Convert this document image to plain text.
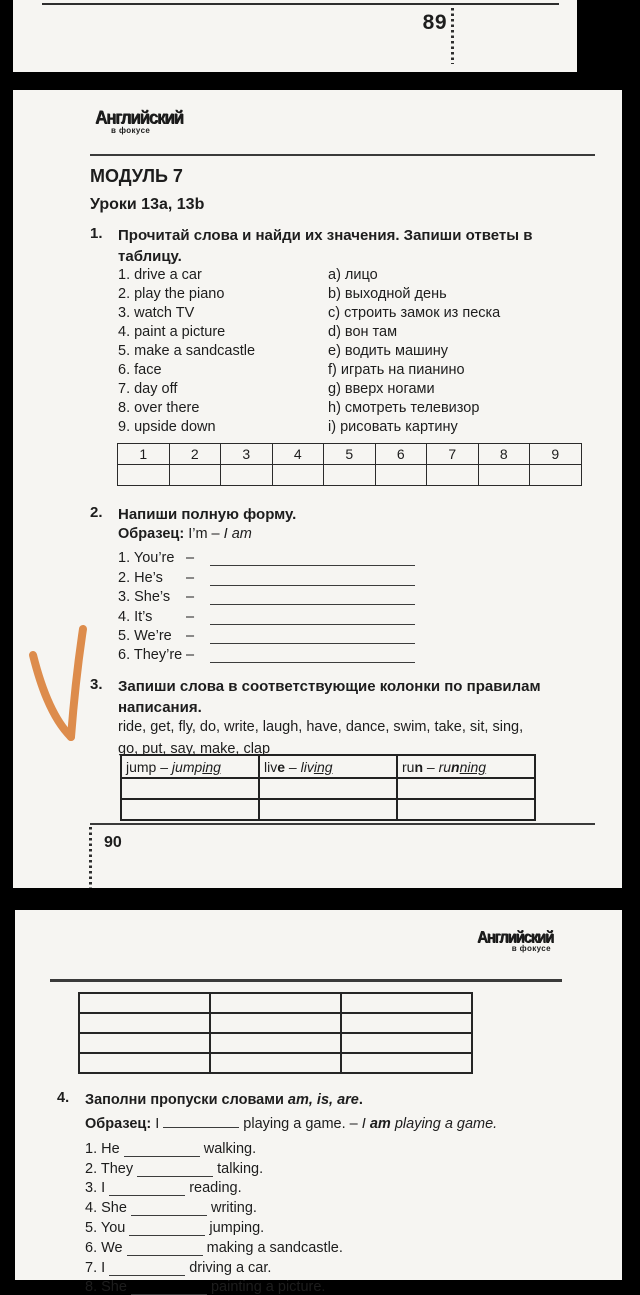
89
Английский
в фокусе
МОДУЛЬ 7
Уроки 13a, 13b
1. Прочитай слова и найди их значения. Запиши ответы в таблицу.
1. drive a car	a) лицо
2. play the piano	b) выходной день
3. watch TV	c) строить замок из песка
4. paint a picture	d) вон там
5. make a sandcastle	e) водить машину
6. face	f) играть на пианино
7. day off	g) вверх ногами
8. over there	h) смотреть телевизор
9. upside down	i) рисовать картину
1	2	3	4	5	6	7	8	9

2. Напиши полную форму.
Образец: I’m – I am
1. You’re –
2. He’s	–
3. She’s	–
4. It’s	–
5. We’re –
6. They’re –
3. Запиши слова в соответствующие колонки по правилам написания.
ride, get, fly, do, write, laugh, have, dance, swim, take, sit, sing,
go, put, say, make, clap
jump – jumping	live – living	run – running

90
Английский
в фокусе

4. Заполни пропуски словами am, is, are.
Образец: I	playing a game. – I am playing a game.
1. He	walking.
2. They	talking.
3. I	reading.
4. She	writing.
5. You	jumping.
6. We	making a sandcastle.
7. I	driving a car.
8. She	painting a picture.
